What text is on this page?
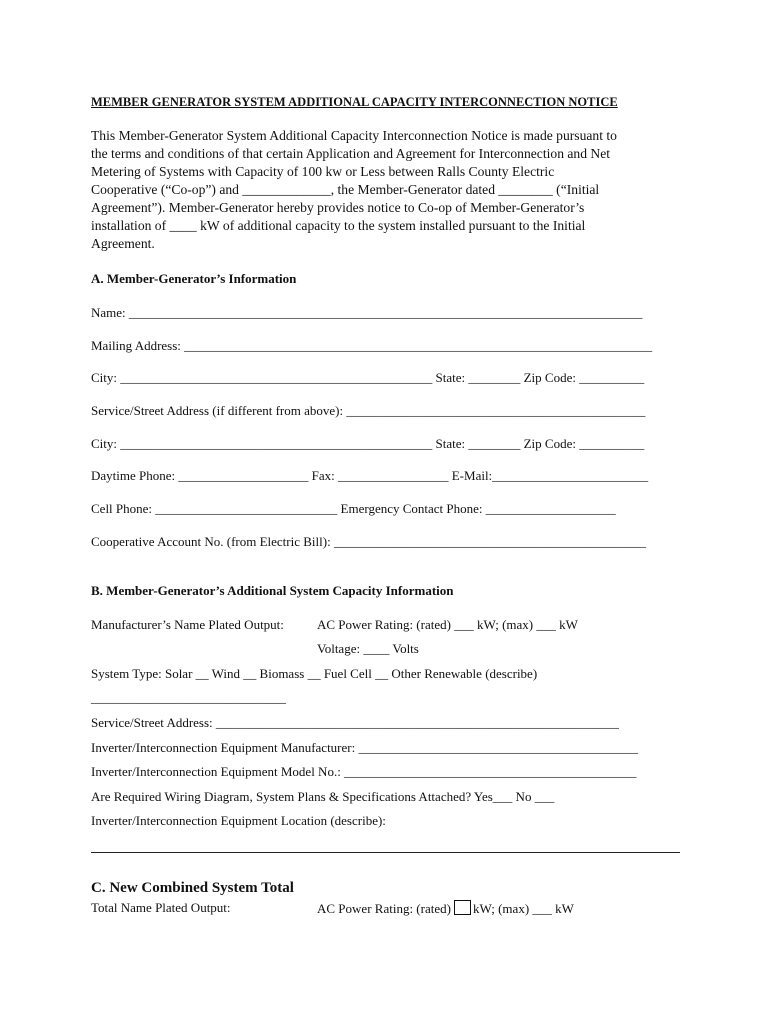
MEMBER GENERATOR SYSTEM ADDITIONAL CAPACITY INTERCONNECTION NOTICE
This Member-Generator System Additional Capacity Interconnection Notice is made pursuant to
the terms and conditions of that certain Application and Agreement for Interconnection and Net
Metering of Systems with Capacity of 100 kw or Less between Ralls County Electric
Cooperative (“Co-op”) and _____________, the Member-Generator dated ________ (“Initial
Agreement”). Member-Generator hereby provides notice to Co-op of Member-Generator’s
installation of ____ kW of additional capacity to the system installed pursuant to the Initial
Agreement.
A. Member-Generator’s Information
Name: _______________________________________________________________________________
Mailing Address: ________________________________________________________________________
City: ________________________________________________ State: ________ Zip Code: __________
Service/Street Address (if different from above): ______________________________________________
City: ________________________________________________ State: ________ Zip Code: __________
Daytime Phone: ____________________ Fax: _________________ E-Mail:________________________
Cell Phone: ____________________________ Emergency Contact Phone: ____________________
Cooperative Account No. (from Electric Bill): ________________________________________________
B. Member-Generator’s Additional System Capacity Information
Manufacturer’s Name Plated Output:	AC Power Rating: (rated) ___ kW; (max) ___ kW
Voltage: ____ Volts
System Type: Solar __ Wind __ Biomass __ Fuel Cell __ Other Renewable (describe)
______________________________
Service/Street Address: ______________________________________________________________
Inverter/Interconnection Equipment Manufacturer: ___________________________________________
Inverter/Interconnection Equipment Model No.: _____________________________________________
Are Required Wiring Diagram, System Plans & Specifications Attached? Yes___ No ___
Inverter/Interconnection Equipment Location (describe):
C. New Combined System Total
Total Name Plated Output:	AC Power Rating: (rated) kW; (max) ___ kW
